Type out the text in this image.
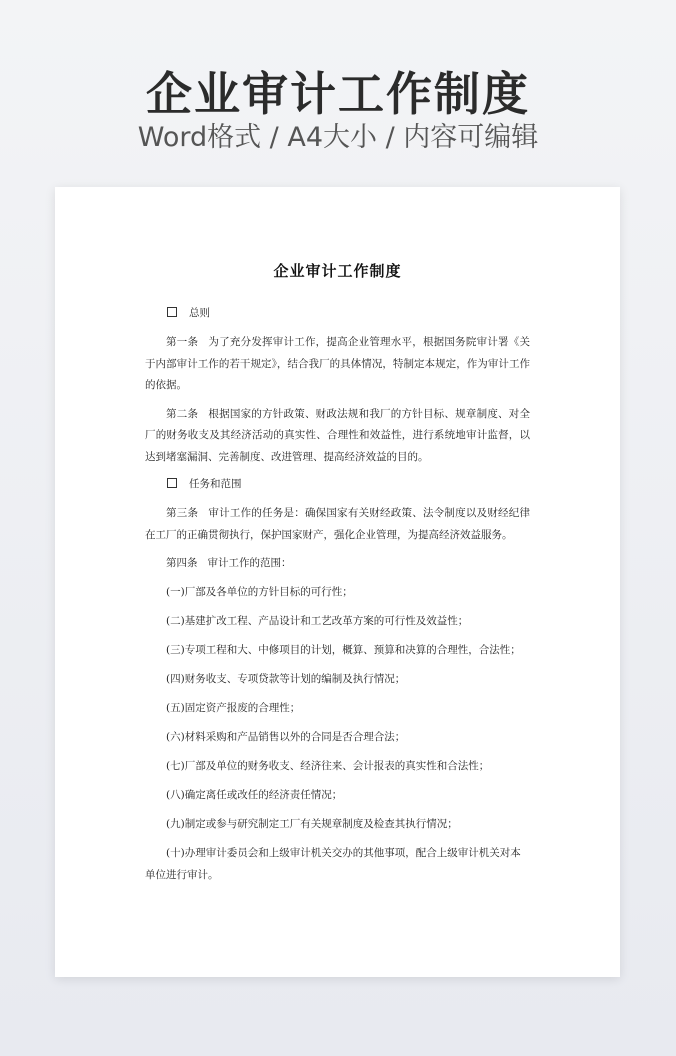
企业审计工作制度
Word格式 / A4大小 / 内容可编辑
企业审计工作制度
总则
第一条 为了充分发挥审计工作，提高企业管理水平，根据国务院审计署《关于内部审计工作的若干规定》，结合我厂的具体情况，特制定本规定，作为审计工作的依据。
第二条 根据国家的方针政策、财政法规和我厂的方针目标、规章制度、对全厂的财务收支及其经济活动的真实性、合理性和效益性，进行系统地审计监督，以达到堵塞漏洞、完善制度、改进管理、提高经济效益的目的。
任务和范围
第三条 审计工作的任务是：确保国家有关财经政策、法令制度以及财经纪律在工厂的正确贯彻执行，保护国家财产，强化企业管理，为提高经济效益服务。
第四条 审计工作的范围：
(一)厂部及各单位的方针目标的可行性；
(二)基建扩改工程、产品设计和工艺改革方案的可行性及效益性；
(三)专项工程和大、中修项目的计划，概算、预算和决算的合理性，合法性；
(四)财务收支、专项贷款等计划的编制及执行情况；
(五)固定资产报废的合理性；
(六)材料采购和产品销售以外的合同是否合理合法；
(七)厂部及单位的财务收支、经济往来、会计报表的真实性和合法性；
(八)确定离任或改任的经济责任情况；
(九)制定或参与研究制定工厂有关规章制度及检查其执行情况；
(十)办理审计委员会和上级审计机关交办的其他事项，配合上级审计机关对本单位进行审计。
